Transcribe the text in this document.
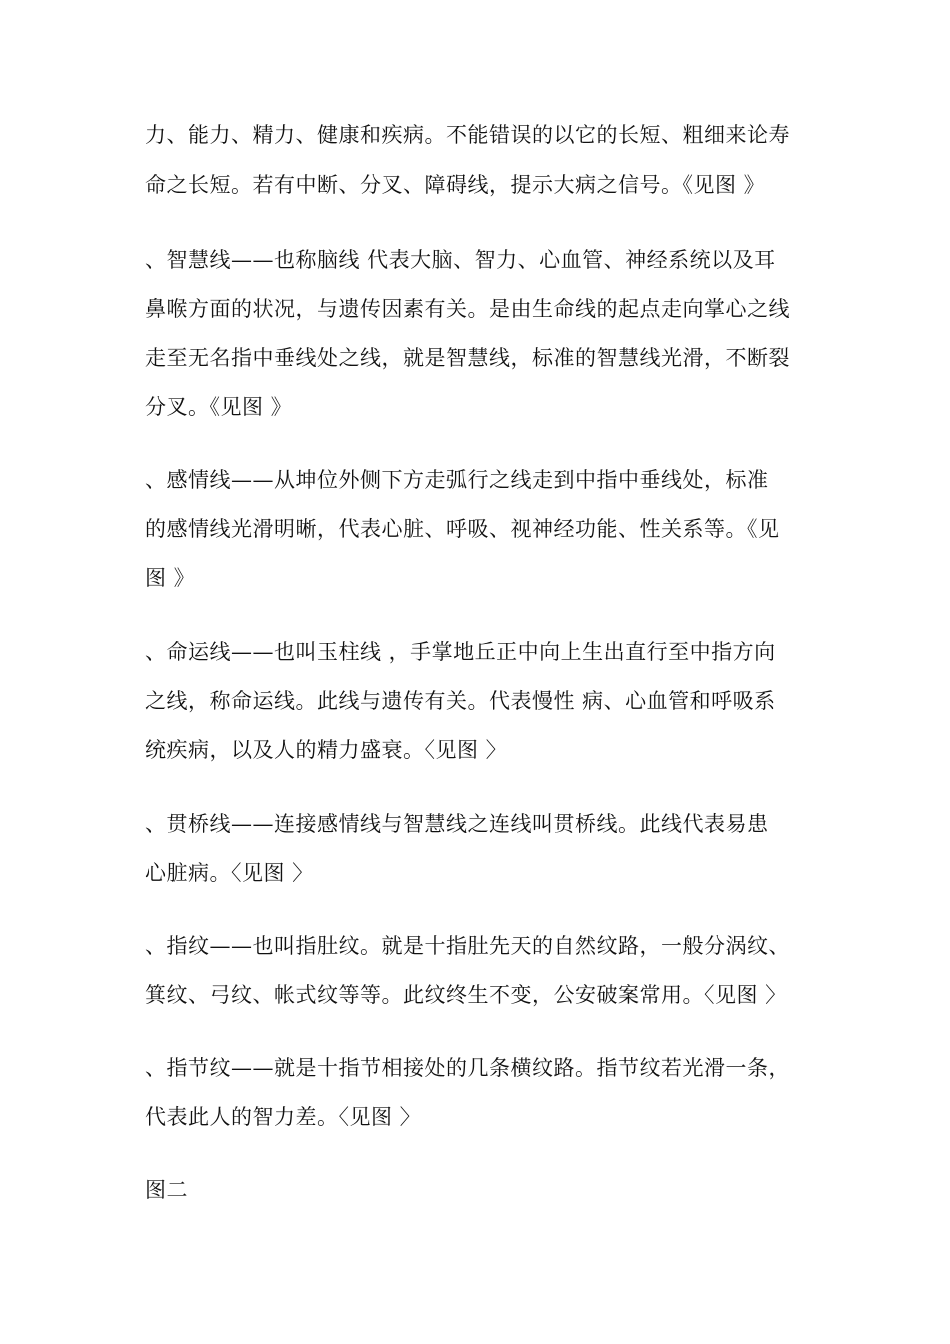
力、能力、精力、健康和疾病。不能错误的以它的长短、粗细来论寿
命之长短。若有中断、分叉、障碍线，提示大病之信号。《见图 》
、智慧线——也称脑线 代表大脑、智力、心血管、神经系统以及耳
鼻喉方面的状况，与遗传因素有关。是由生命线的起点走向掌心之线
走至无名指中垂线处之线，就是智慧线，标准的智慧线光滑，不断裂
分叉。《见图 》
、感情线——从坤位外侧下方走弧行之线走到中指中垂线处，标准
的感情线光滑明晰，代表心脏、呼吸、视神经功能、性关系等。《见
图 》
、命运线——也叫玉柱线 ，手掌地丘正中向上生出直行至中指方向
之线，称命运线。此线与遗传有关。代表慢性 病、心血管和呼吸系
统疾病，以及人的精力盛衰。〈见图 〉
、贯桥线——连接感情线与智慧线之连线叫贯桥线。此线代表易患
心脏病。〈见图 〉
、指纹——也叫指肚纹。就是十指肚先天的自然纹路，一般分涡纹、
箕纹、弓纹、帐式纹等等。此纹终生不变，公安破案常用。〈见图 〉
、指节纹——就是十指节相接处的几条横纹路。指节纹若光滑一条，
代表此人的智力差。〈见图 〉
图二
